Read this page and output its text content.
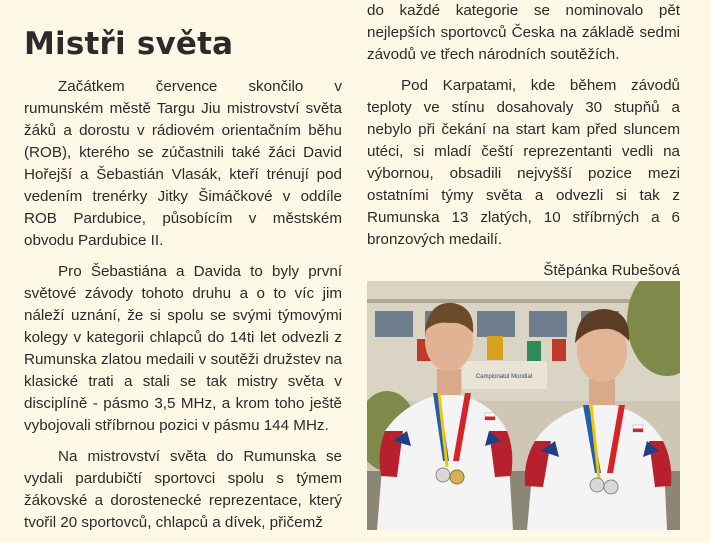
Mistři světa

Začátkem července skončilo v rumunském městě Targu Jiu mistrovství světa žáků a dorostu v rádiovém orientačním běhu (ROB), kterého se zúčastnili také žáci David Hořejší a Šebastián Vlasák, kteří trénují pod vedením trenérky Jitky Šimáčkové v oddíle ROB Pardubice, působícím v městském obvodu Pardubice II.

Pro Šebastiána a Davida to byly první světové závody tohoto druhu a o to víc jim náleží uznání, že si spolu se svými týmovými kolegy v kategorii chlapců do 14ti let odvezli z Rumunska zlatou medaili v soutěži družstev na klasické trati a stali se tak mistry světa v disciplíně - pásmo 3,5 MHz, a krom toho ještě vybojovali stříbrnou pozici v pásmu 144 MHz.

Na mistrovství světa do Rumunska se vydali pardubičtí sportovci spolu s týmem žákovské a dorostenecké reprezentace, který tvořil 20 sportovců, chlapců a dívek, přičemž

do každé kategorie se nominovalo pět nejlepších sportovců Česka na základě sedmi závodů ve třech národních soutěžích.

Pod Karpatami, kde během závodů teploty ve stínu dosahovaly 30 stupňů a nebylo při čekání na start kam před sluncem utéci, si mladí čeští reprezentanti vedli na výbornou, obsadili nejvyšší pozice mezi ostatními týmy světa a odvezli si tak z Rumunska 13 zlatých, 10 stříbrných a 6 bronzových medailí.

Štěpánka Rubešová

Campionatul Mondial
